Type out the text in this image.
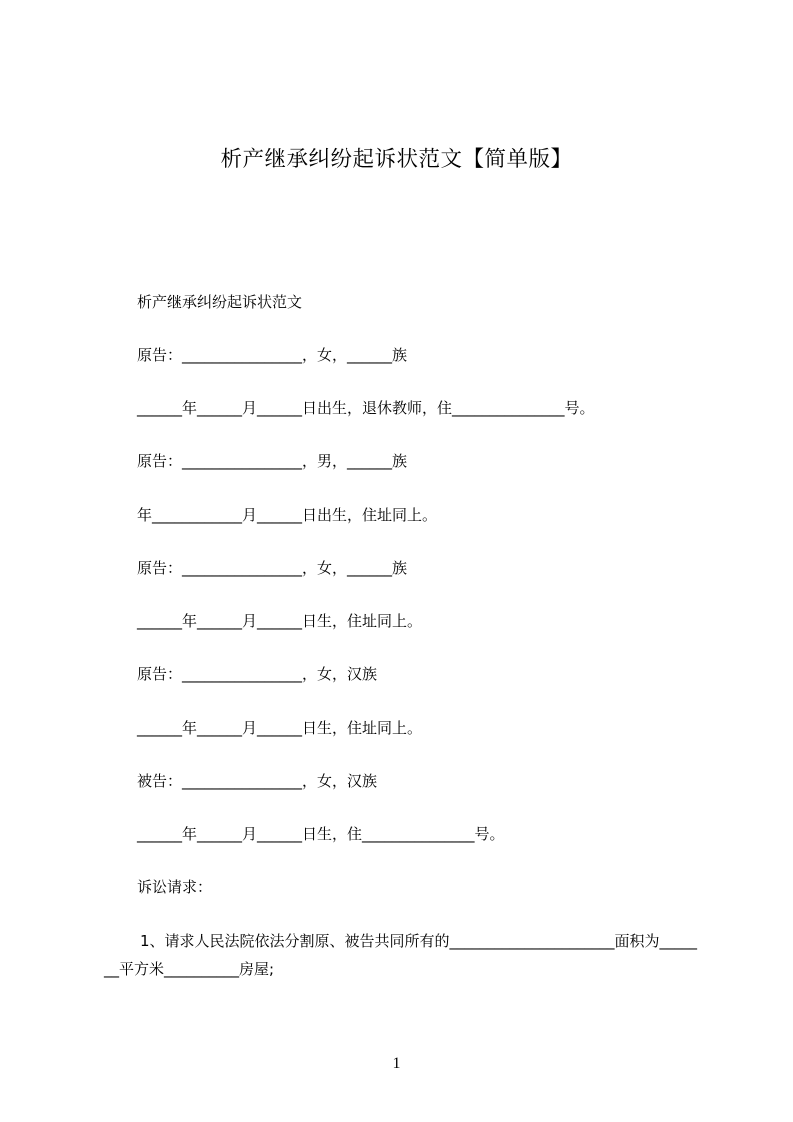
析产继承纠纷起诉状范文【简单版】
析产继承纠纷起诉状范文
原告：________________，女，______族
______年______月______日出生，退休教师，住_______________号。
原告：________________，男，______族
年____________月______日出生，住址同上。
原告：________________，女，______族
______年______月______日生，住址同上。
原告：________________，女，汉族
______年______月______日生，住址同上。
被告：________________，女，汉族
______年______月______日生，住_______________号。
诉讼请求：
1、请求人民法院依法分割原、被告共同所有的______________________面积为_______平方米__________房屋;
1
